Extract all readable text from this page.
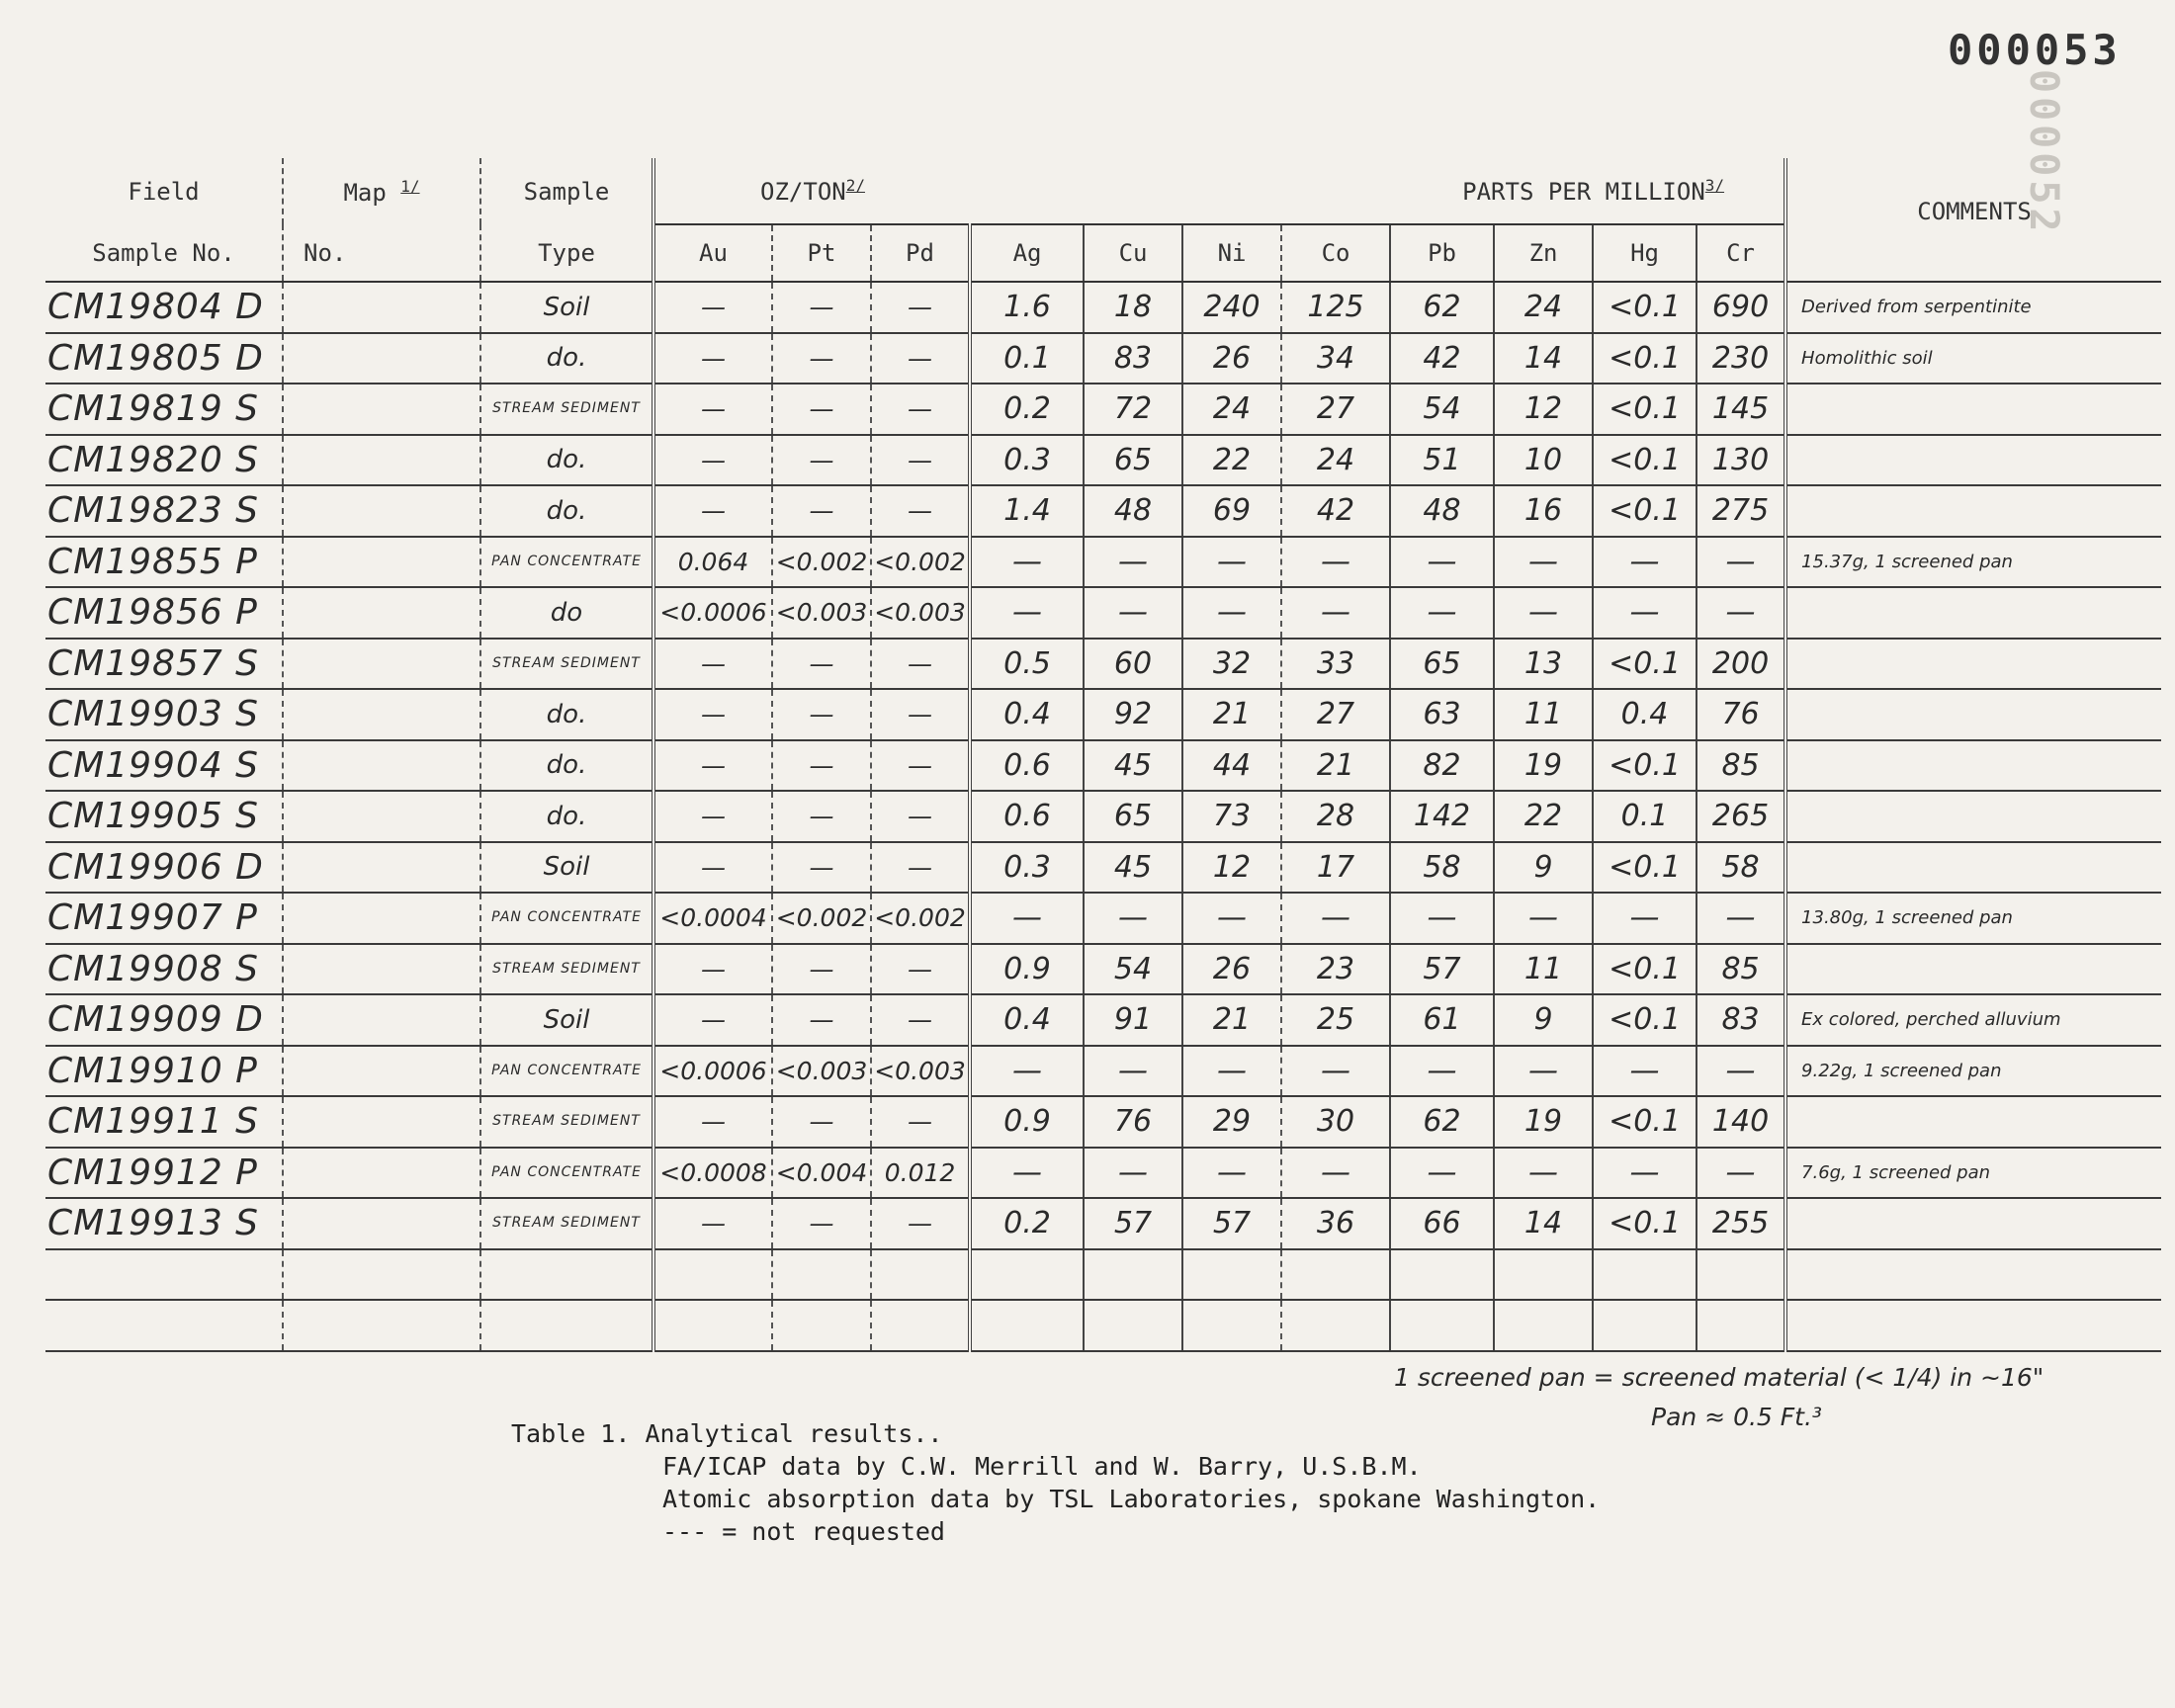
000053
000052
Field	Map $^{1/}$	Sample	$OZ/TON^{2/}$			PARTS PER $MILLION^{3/}$								COMMENTS
Sample No.	No.	Type	Au	Pt	Pd	Ag	Cu	Ni	Co	Pb	Zn	Hg	Cr	
CM19804 D		Soil	—	—	—	1.6	18	240	125	62	24	<0.1	690	Derived from serpentinite
CM19805 D		do.	—	—	—	0.1	83	26	34	42	14	<0.1	230	Homolithic soil
CM19819 S		STREAM SEDIMENT	—	—	—	0.2	72	24	27	54	12	<0.1	145	
CM19820 S		do.	—	—	—	0.3	65	22	24	51	10	<0.1	130	
CM19823 S		do.	—	—	—	1.4	48	69	42	48	16	<0.1	275	
CM19855 P		PAN CONCENTRATE	0.064	<0.002	<0.002	—	—	—	—	—	—	—	—	15.37g, 1 screened pan
CM19856 P		do	<0.0006	<0.003	<0.003	—	—	—	—	—	—	—	—	
CM19857 S		STREAM SEDIMENT	—	—	—	0.5	60	32	33	65	13	<0.1	200	
CM19903 S		do.	—	—	—	0.4	92	21	27	63	11	0.4	76	
CM19904 S		do.	—	—	—	0.6	45	44	21	82	19	<0.1	85	
CM19905 S		do.	—	—	—	0.6	65	73	28	142	22	0.1	265	
CM19906 D		Soil	—	—	—	0.3	45	12	17	58	9	<0.1	58	
CM19907 P		PAN CONCENTRATE	<0.0004	<0.002	<0.002	—	—	—	—	—	—	—	—	13.80g, 1 screened pan
CM19908 S		STREAM SEDIMENT	—	—	—	0.9	54	26	23	57	11	<0.1	85	
CM19909 D		Soil	—	—	—	0.4	91	21	25	61	9	<0.1	83	Ex colored, perched alluvium
CM19910 P		PAN CONCENTRATE	<0.0006	<0.003	<0.003	—	—	—	—	—	—	—	—	9.22g, 1 screened pan
CM19911 S		STREAM SEDIMENT	—	—	—	0.9	76	29	30	62	19	<0.1	140	
CM19912 P		PAN CONCENTRATE	<0.0008	<0.004	0.012	—	—	—	—	—	—	—	—	7.6g, 1 screened pan
CM19913 S		STREAM SEDIMENT	—	—	—	0.2	57	57	36	66	14	<0.1	255	

1 screened pan = screened material (< 1/4) in ~16"
Pan ≈ 0.5 Ft.³
Table 1. Analytical results..
FA/ICAP data by C.W. Merrill and W. Barry, U.S.B.M.
Atomic absorption data by TSL Laboratories, spokane Washington.
--- = not requested
